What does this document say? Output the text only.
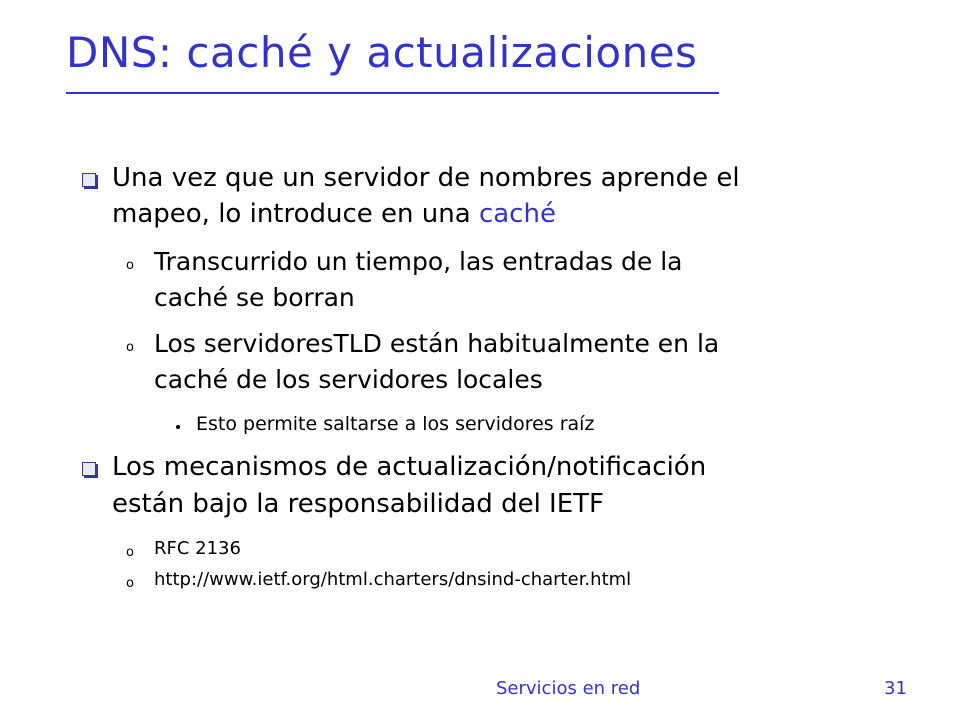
DNS: caché y actualizaciones
Una vez que un servidor de nombres aprende el
mapeo, lo introduce en una caché
o Transcurrido un tiempo, las entradas de la
caché se borran
o Los servidoresTLD están habitualmente en la
caché de los servidores locales
Esto permite saltarse a los servidores raíz
Los mecanismos de actualización/notificación
están bajo la responsabilidad del IETF
o RFC 2136
o http://www.ietf.org/html.charters/dnsind-charter.html
Servicios en red	31
